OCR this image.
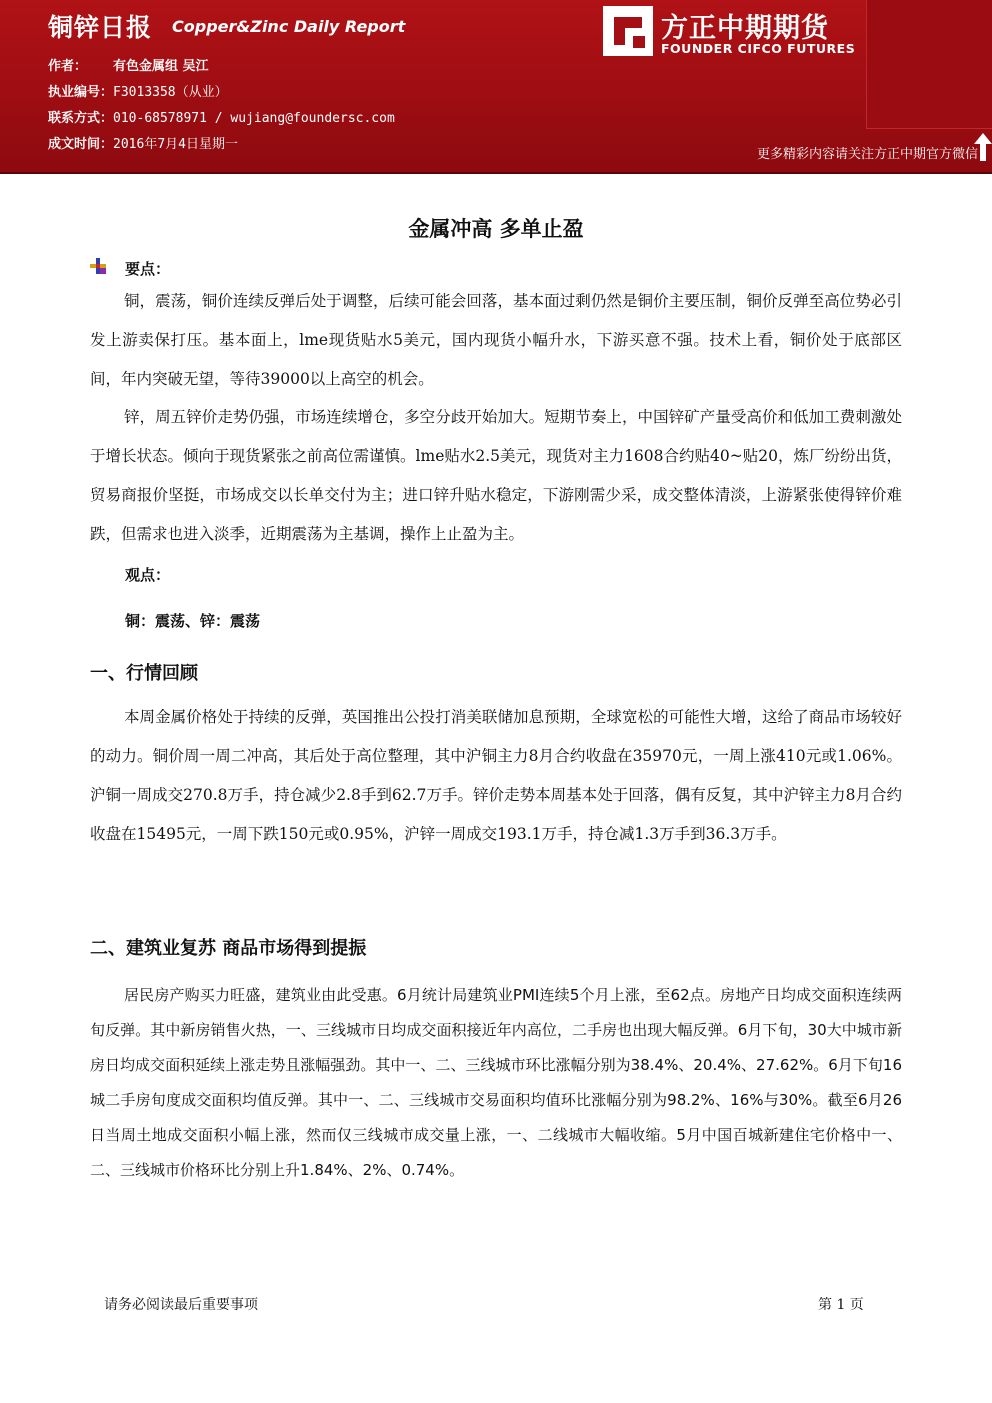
铜锌日报 Copper&Zinc Daily Report
作者： 有色金属组 吴江
执业编号：F3013358（从业）
联系方式：010-68578971 / wujiang@foundersc.com
成文时间：2016年7月4日星期一
方正中期期货
FOUNDER CIFCO FUTURES
更多精彩内容请关注方正中期官方微信
金属冲高 多单止盈
要点：

铜，震荡，铜价连续反弹后处于调整，后续可能会回落，基本面过剩仍然是铜价主要压制，铜价反弹至高位势必引发上游卖保打压。基本面上，lme现货贴水5美元，国内现货小幅升水，下游买意不强。技术上看，铜价处于底部区间，年内突破无望，等待39000以上高空的机会。

锌，周五锌价走势仍强，市场连续增仓，多空分歧开始加大。短期节奏上，中国锌矿产量受高价和低加工费刺激处于增长状态。倾向于现货紧张之前高位需谨慎。lme贴水2.5美元，现货对主力1608合约贴40~贴20，炼厂纷纷出货，贸易商报价坚挺，市场成交以长单交付为主；进口锌升贴水稳定，下游刚需少采，成交整体清淡，上游紧张使得锌价难跌，但需求也进入淡季，近期震荡为主基调，操作上止盈为主。

观点：
铜：震荡、锌：震荡
一、行情回顾

本周金属价格处于持续的反弹，英国推出公投打消美联储加息预期，全球宽松的可能性大增，这给了商品市场较好的动力。铜价周一周二冲高，其后处于高位整理，其中沪铜主力8月合约收盘在35970元，一周上涨410元或1.06%。沪铜一周成交270.8万手，持仓减少2.8手到62.7万手。锌价走势本周基本处于回落，偶有反复，其中沪锌主力8月合约收盘在15495元，一周下跌150元或0.95%，沪锌一周成交193.1万手，持仓减1.3万手到36.3万手。

二、建筑业复苏 商品市场得到提振

居民房产购买力旺盛，建筑业由此受惠。6月统计局建筑业PMI连续5个月上涨，至62点。房地产日均成交面积连续两旬反弹。其中新房销售火热，一、三线城市日均成交面积接近年内高位，二手房也出现大幅反弹。6月下旬，30大中城市新房日均成交面积延续上涨走势且涨幅强劲。其中一、二、三线城市环比涨幅分别为38.4%、20.4%、27.62%。6月下旬16城二手房旬度成交面积均值反弹。其中一、二、三线城市交易面积均值环比涨幅分别为98.2%、16%与30%。截至6月26日当周土地成交面积小幅上涨，然而仅三线城市成交量上涨，一、二线城市大幅收缩。5月中国百城新建住宅价格中一、二、三线城市价格环比分别上升1.84%、2%、0.74%。

请务必阅读最后重要事项	第 1 页
